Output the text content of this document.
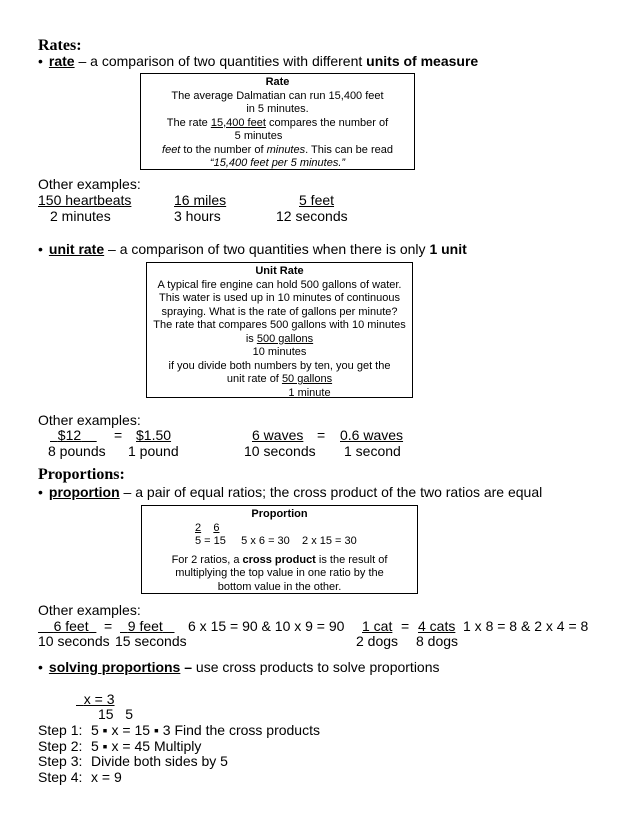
Rates:
• rate – a comparison of two quantities with different units of measure
Rate
The average Dalmatian can run 15,400 feet
in 5 minutes.
The rate 15,400 feet compares the number of
5 minutes
feet to the number of minutes. This can be read
“15,400 feet per 5 minutes.”
Other examples:
150 heartbeats
2 minutes
16 miles
3 hours
5 feet
12 seconds
• unit rate – a comparison of two quantities when there is only 1 unit
Unit Rate
A typical fire engine can hold 500 gallons of water.
This water is used up in 10 minutes of continuous
spraying. What is the rate of gallons per minute?
The rate that compares 500 gallons with 10 minutes
is 500 gallons
10 minutes
if you divide both numbers by ten, you get the
unit rate of 50 gallons
1 minute
Other examples:
$12	= $1.50
8 pounds 1 pound
6 waves = 0.6 waves
10 seconds 1 second
Proportions:
• proportion – a pair of equal ratios; the cross product of the two ratios are equal
Proportion
2 6
5 = 15     5 x 6 = 30    2 x 15 = 30
For 2 ratios, a cross product is the result of
multiplying the top value in one ratio by the
bottom value in the other.
Other examples:
6 feet	=	9 feet	6 x 15 = 90 & 10 x 9 = 90
10 seconds 15 seconds
1 cat = 4 cats 1 x 8 = 8 & 2 x 4 = 8
2 dogs 8 dogs
• solving proportions – use cross products to solve proportions
x = 3
15   5
Step 1: 5 ▪ x = 15 ▪ 3 Find the cross products
Step 2: 5 ▪ x = 45 Multiply
Step 3: Divide both sides by 5
Step 4: x = 9
